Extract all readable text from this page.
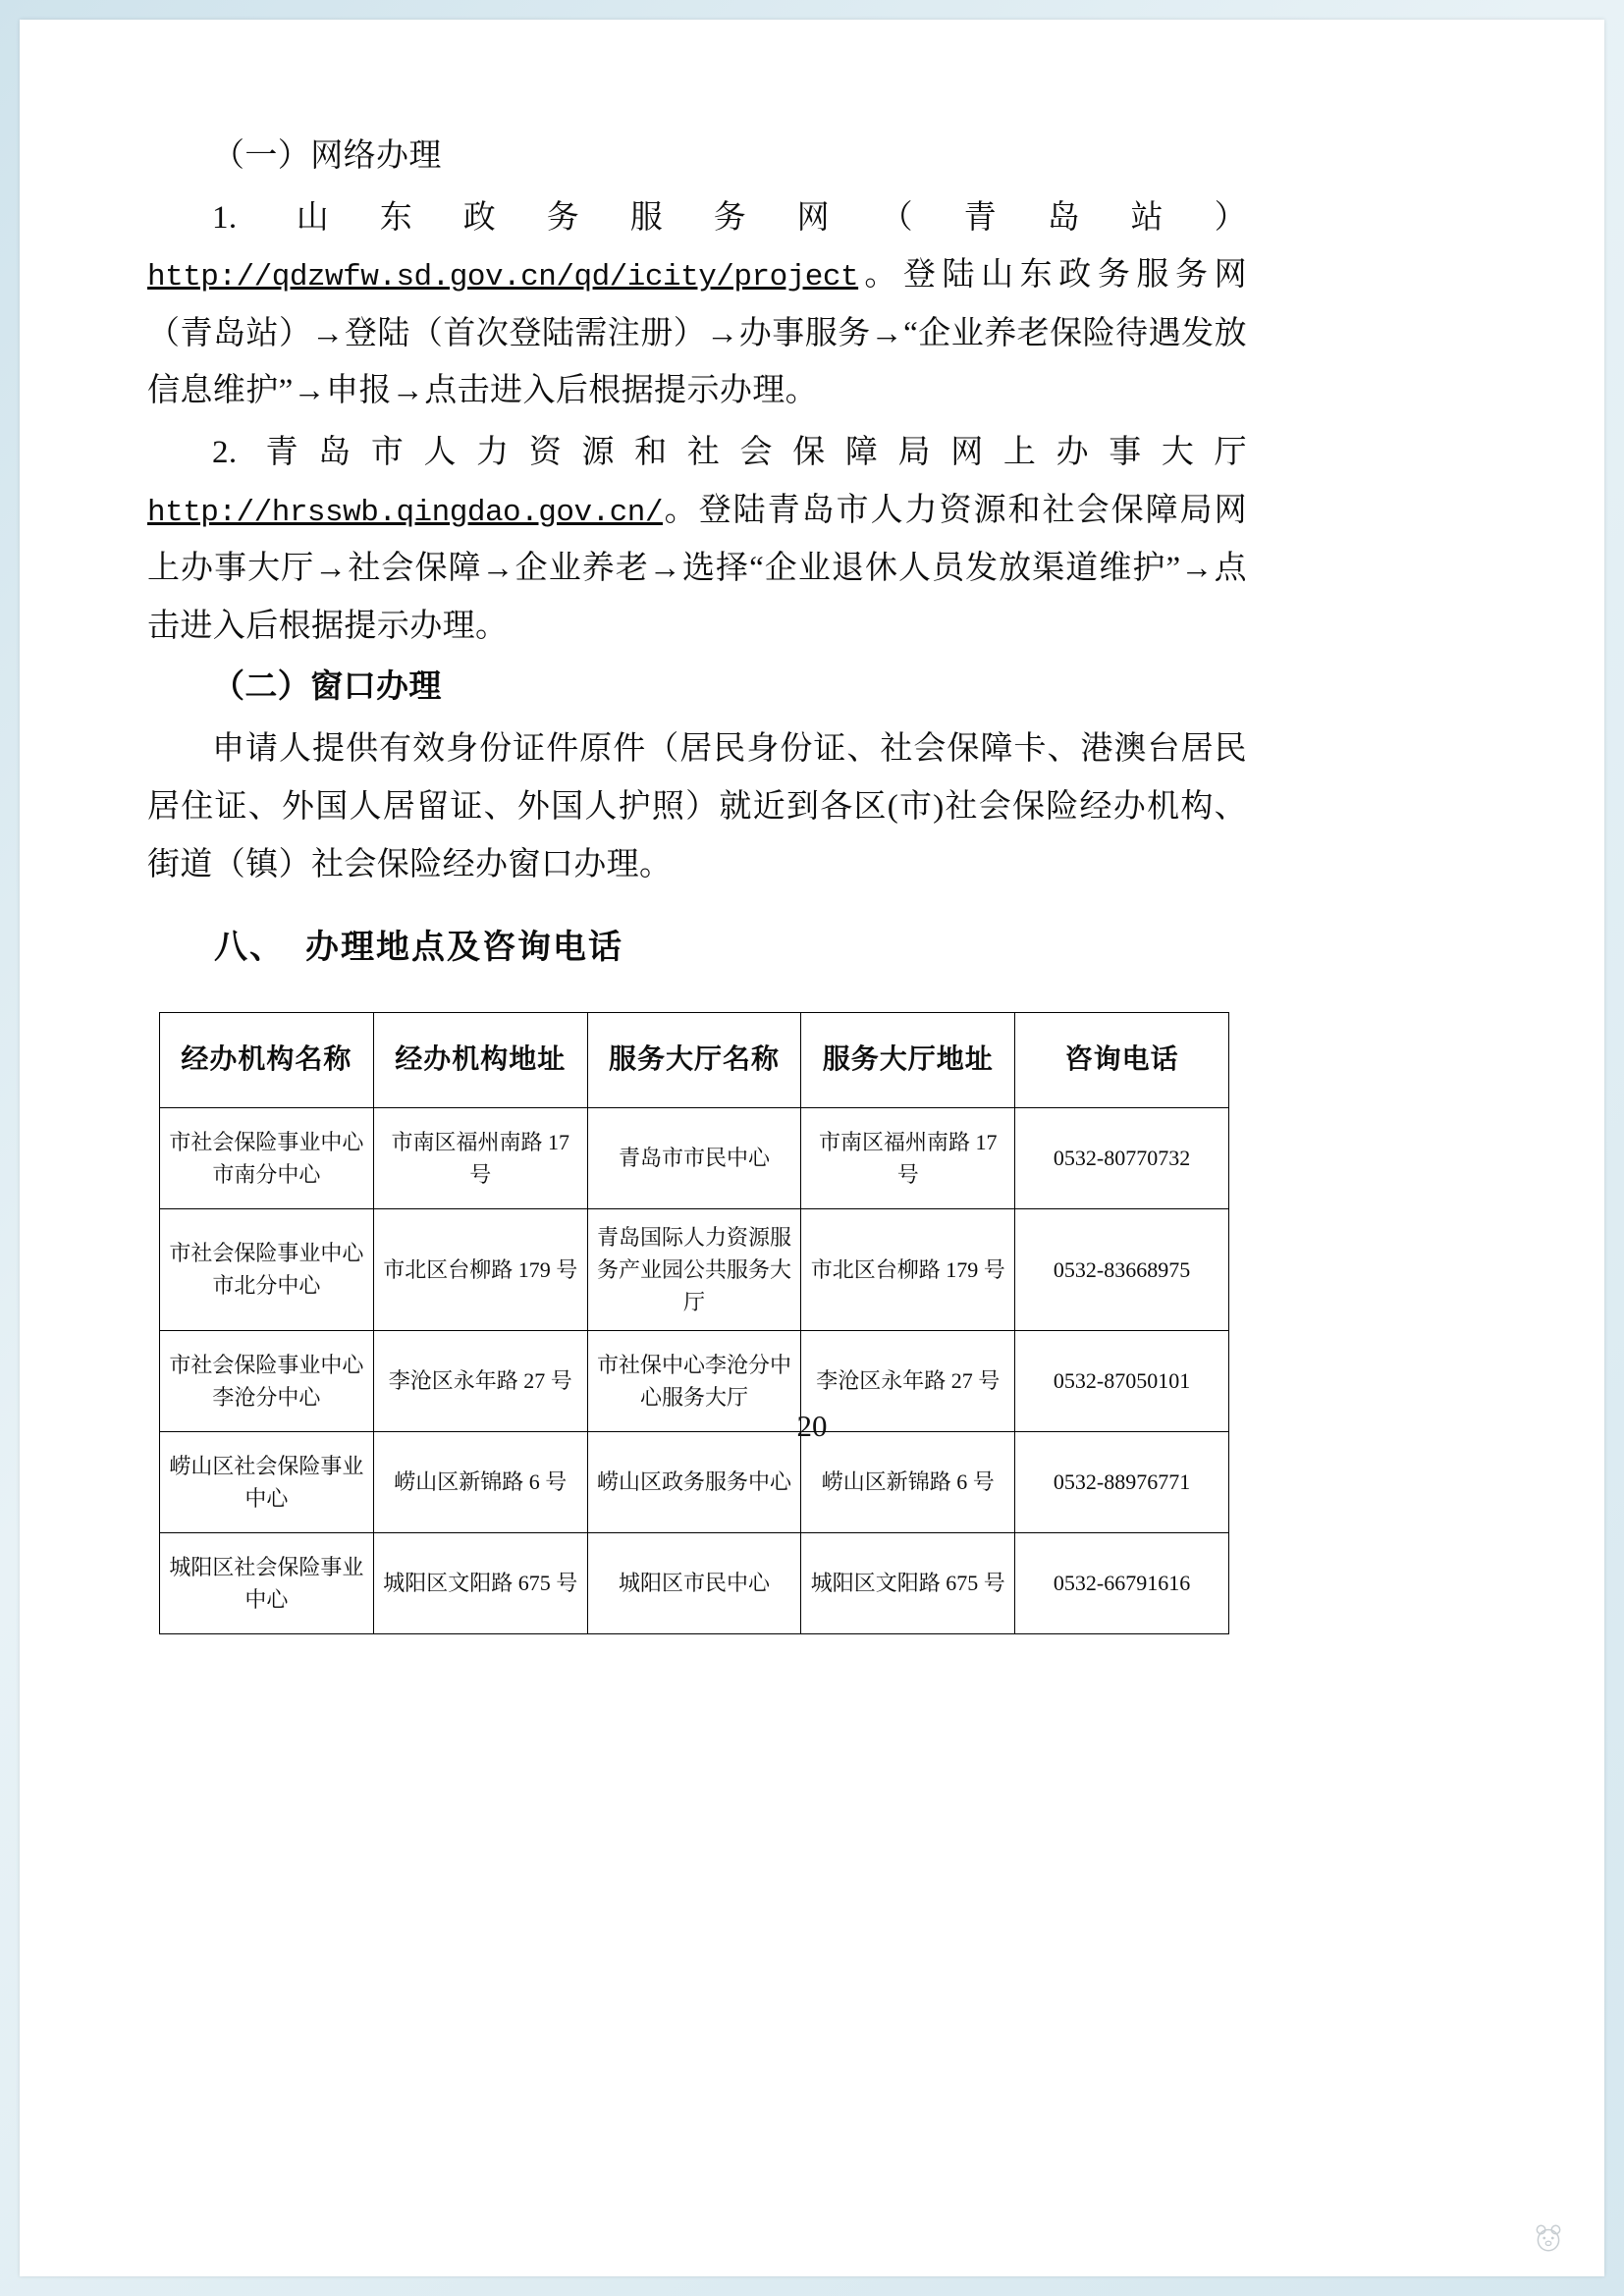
（一）网络办理

1. 山东政务服务网（青岛站）http://qdzwfw.sd.gov.cn/qd/icity/project。登陆山东政务服务网（青岛站）→登陆（首次登陆需注册）→办事服务→“企业养老保险待遇发放信息维护”→申报→点击进入后根据提示办理。

2. 青岛市人力资源和社会保障局网上办事大厅 http://hrsswb.qingdao.gov.cn/。登陆青岛市人力资源和社会保障局网上办事大厅→社会保障→企业养老→选择“企业退休人员发放渠道维护”→点击进入后根据提示办理。

（二）窗口办理

申请人提供有效身份证件原件（居民身份证、社会保障卡、港澳台居民居住证、外国人居留证、外国人护照）就近到各区(市)社会保险经办机构、街道（镇）社会保险经办窗口办理。

八、 办理地点及咨询电话

经办机构名称	经办机构地址	服务大厅名称	服务大厅地址	咨询电话
市社会保险事业中心市南分中心	市南区福州南路 17 号	青岛市市民中心	市南区福州南路 17 号	0532-80770732
市社会保险事业中心市北分中心	市北区台柳路 179 号	青岛国际人力资源服务产业园公共服务大厅	市北区台柳路 179 号	0532-83668975
市社会保险事业中心李沧分中心	李沧区永年路 27 号	市社保中心李沧分中心服务大厅	李沧区永年路 27 号	0532-87050101
崂山区社会保险事业中心	崂山区新锦路 6 号	崂山区政务服务中心	崂山区新锦路 6 号	0532-88976771
城阳区社会保险事业中心	城阳区文阳路 675 号	城阳区市民中心	城阳区文阳路 675 号	0532-66791616
20
